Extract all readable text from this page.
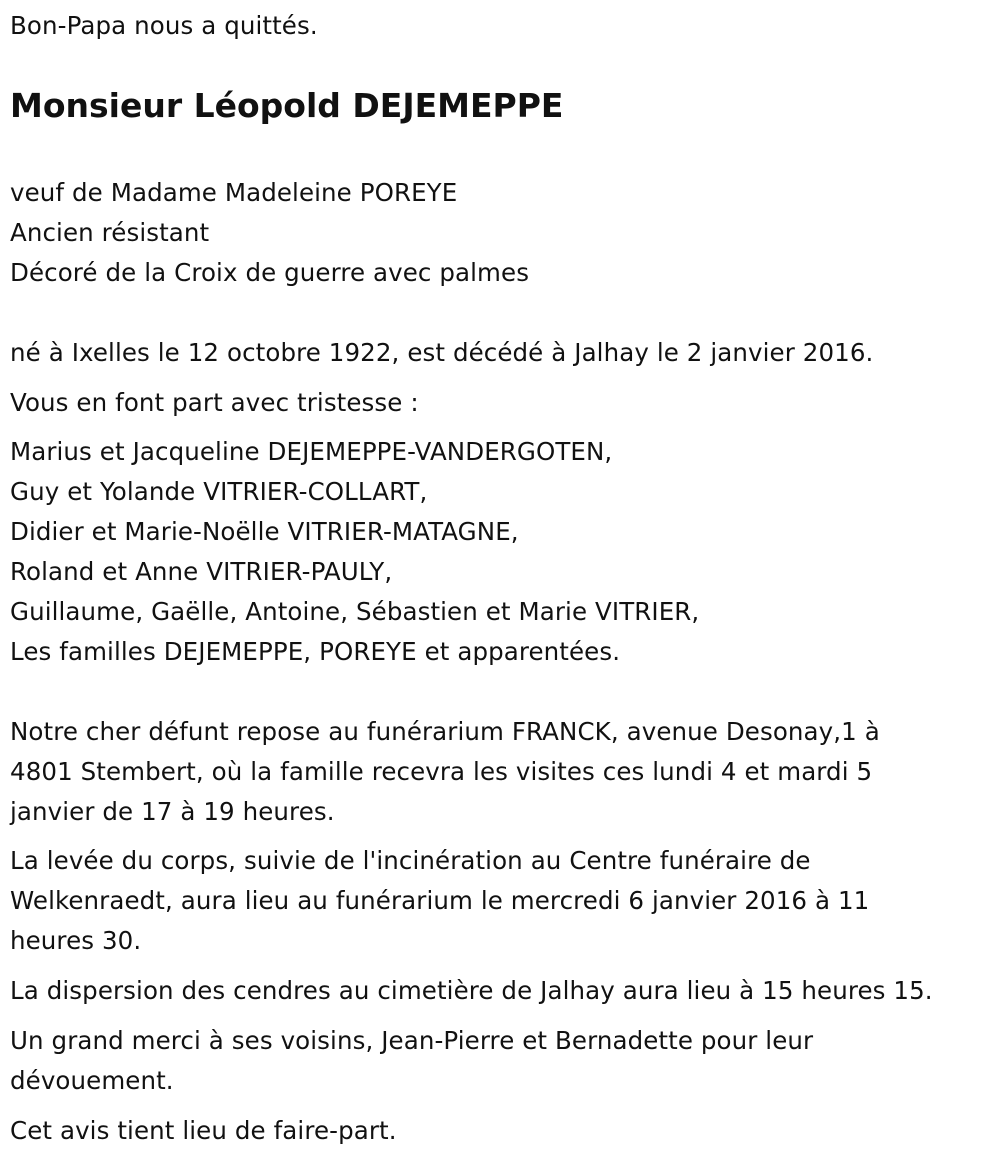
Bon-Papa nous a quittés.
Monsieur Léopold DEJEMEPPE
veuf de Madame Madeleine POREYE
Ancien résistant
Décoré de la Croix de guerre avec palmes
né à Ixelles le 12 octobre 1922, est décédé à Jalhay le 2 janvier 2016.
Vous en font part avec tristesse :
Marius et Jacqueline DEJEMEPPE-VANDERGOTEN,
Guy et Yolande VITRIER-COLLART,
Didier et Marie-Noëlle VITRIER-MATAGNE,
Roland et Anne VITRIER-PAULY,
Guillaume, Gaëlle, Antoine, Sébastien et Marie VITRIER,
Les familles DEJEMEPPE, POREYE et apparentées.
Notre cher défunt repose au funérarium FRANCK, avenue Desonay,1 à
4801 Stembert, où la famille recevra les visites ces lundi 4 et mardi 5
janvier de 17 à 19 heures.
La levée du corps, suivie de l'incinération au Centre funéraire de
Welkenraedt, aura lieu au funérarium le mercredi 6 janvier 2016 à 11
heures 30.
La dispersion des cendres au cimetière de Jalhay aura lieu à 15 heures 15.
Un grand merci à ses voisins, Jean-Pierre et Bernadette pour leur
dévouement.
Cet avis tient lieu de faire-part.
